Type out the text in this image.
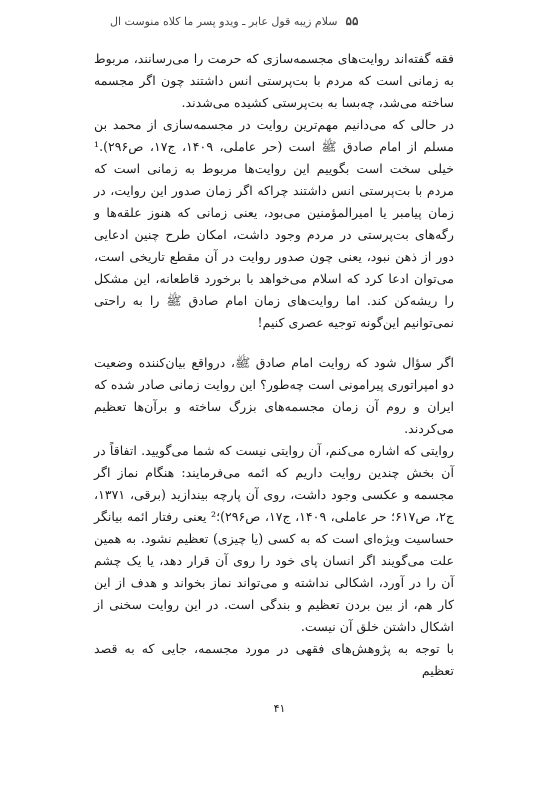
۵۵
سلام زیبه قول عابر ـ ویدو پسر ما کلاه منوست ال

فقه گفته‌اند روایت‌های مجسمه‌سازی که حرمت را می‌رسانند، مربوط به زمانی است که مردم با بت‌پرستی انس داشتند چون اگر مجسمه ساخته می‌شد، چه‌بسا به بت‌پرستی کشیده می‌شدند.

در حالی که می‌دانیم مهم‌ترین روایت در مجسمه‌سازی از محمد بن مسلم از امام صادق ﷺ است (حر عاملی، ۱۴۰۹، ج۱۷، ص۲۹۶).¹ خیلی سخت است بگوییم این روایت‌ها مربوط به زمانی است که مردم با بت‌پرستی انس داشتند چراکه اگر زمان صدور این روایت، در زمان پیامبر یا امیرالمؤمنین می‌بود، یعنی زمانی که هنوز علقه‌ها و رگه‌های بت‌پرستی در مردم وجود داشت، امکان طرح چنین ادعایی دور از ذهن نبود، یعنی چون صدور روایت در آن مقطع تاریخی است، می‌توان ادعا کرد که اسلام می‌خواهد با برخورد قاطعانه، این مشکل را ریشه‌کن کند. اما روایت‌های زمان امام صادق ﷺ را به راحتی نمی‌توانیم این‌گونه توجیه عصری کنیم!

اگر سؤال شود که روایت امام صادق ﷺ، درواقع بیان‌کننده وضعیت دو امپراتوری پیرامونی است چه‌طور؟ این روایت زمانی صادر شده که ایران و روم آن زمان مجسمه‌های بزرگ ساخته و برآن‌ها تعظیم می‌کردند.

روایتی که اشاره می‌کنم، آن روایتی نیست که شما می‌گویید. اتفاقاً در آن بخش چندین روایت داریم که ائمه می‌فرمایند: هنگام نماز اگر مجسمه و عکسی وجود داشت، روی آن پارچه بیندازید (برقی، ۱۳۷۱، ج۲، ص۶۱۷؛ حر عاملی، ۱۴۰۹، ج۱۷، ص۲۹۶)؛² یعنی رفتار ائمه بیانگر حساسیت ویژه‌ای است که به کسی (یا چیزی) تعظیم نشود. به همین علت می‌گویند اگر انسان پای خود را روی آن قرار دهد، یا یک چشم آن را در آورد، اشکالی نداشته و می‌تواند نماز بخواند و هدف از این کار هم، از بین بردن تعظیم و بندگی است. در این روایت سخنی از اشکال داشتن خلق آن نیست.

با توجه به پژوهش‌های فقهی در مورد مجسمه، جایی که به قصد تعظیم

۴۱
